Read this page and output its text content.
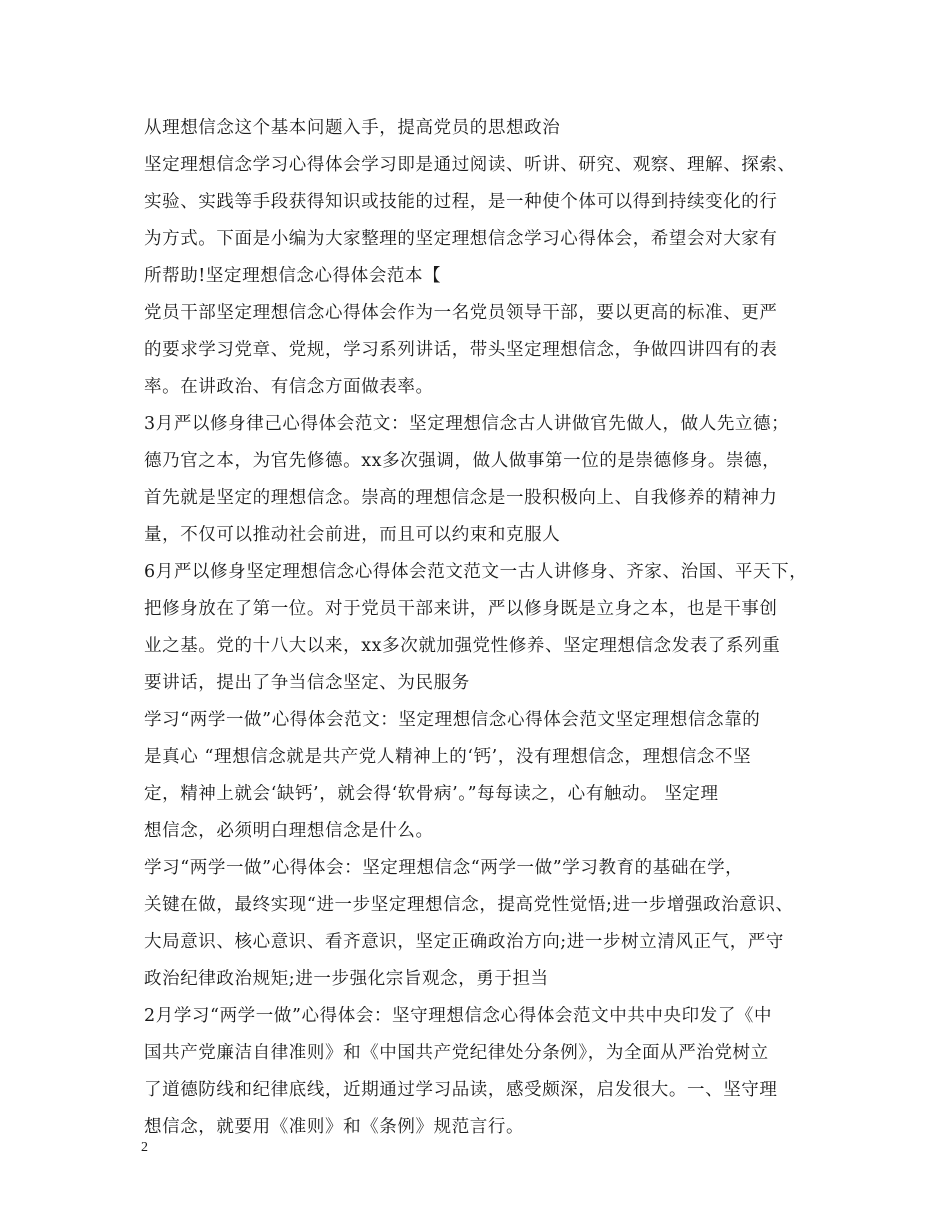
从理想信念这个基本问题入手，提高党员的思想政治
坚定理想信念学习心得体会学习即是通过阅读、听讲、研究、观察、理解、探索、
实验、实践等手段获得知识或技能的过程，是一种使个体可以得到持续变化的行
为方式。下面是小编为大家整理的坚定理想信念学习心得体会，希望会对大家有
所帮助!坚定理想信念心得体会范本【
党员干部坚定理想信念心得体会作为一名党员领导干部，要以更高的标准、更严
的要求学习党章、党规，学习系列讲话，带头坚定理想信念，争做四讲四有的表
率。在讲政治、有信念方面做表率。
3月严以修身律己心得体会范文：坚定理想信念古人讲做官先做人，做人先立德；
德乃官之本，为官先修德。xx多次强调，做人做事第一位的是崇德修身。崇德，
首先就是坚定的理想信念。崇高的理想信念是一股积极向上、自我修养的精神力
量，不仅可以推动社会前进，而且可以约束和克服人
6月严以修身坚定理想信念心得体会范文范文一古人讲修身、齐家、治国、平天下，
把修身放在了第一位。对于党员干部来讲，严以修身既是立身之本，也是干事创
业之基。党的十八大以来，xx多次就加强党性修养、坚定理想信念发表了系列重
要讲话，提出了争当信念坚定、为民服务
学习“两学一做”心得体会范文：坚定理想信念心得体会范文坚定理想信念靠的
是真心 “理想信念就是共产党人精神上的‘钙’，没有理想信念，理想信念不坚
定，精神上就会‘缺钙’，就会得‘软骨病’。”每每读之，心有触动。 坚定理
想信念，必须明白理想信念是什么。
学习“两学一做”心得体会：坚定理想信念“两学一做”学习教育的基础在学，
关键在做，最终实现“进一步坚定理想信念，提高党性觉悟;进一步增强政治意识、
大局意识、核心意识、看齐意识，坚定正确政治方向;进一步树立清风正气，严守
政治纪律政治规矩;进一步强化宗旨观念，勇于担当
2月学习“两学一做”心得体会：坚守理想信念心得体会范文中共中央印发了《中
国共产党廉洁自律准则》和《中国共产党纪律处分条例》，为全面从严治党树立
了道德防线和纪律底线，近期通过学习品读，感受颇深，启发很大。一、坚守理
想信念，就要用《准则》和《条例》规范言行。
2
